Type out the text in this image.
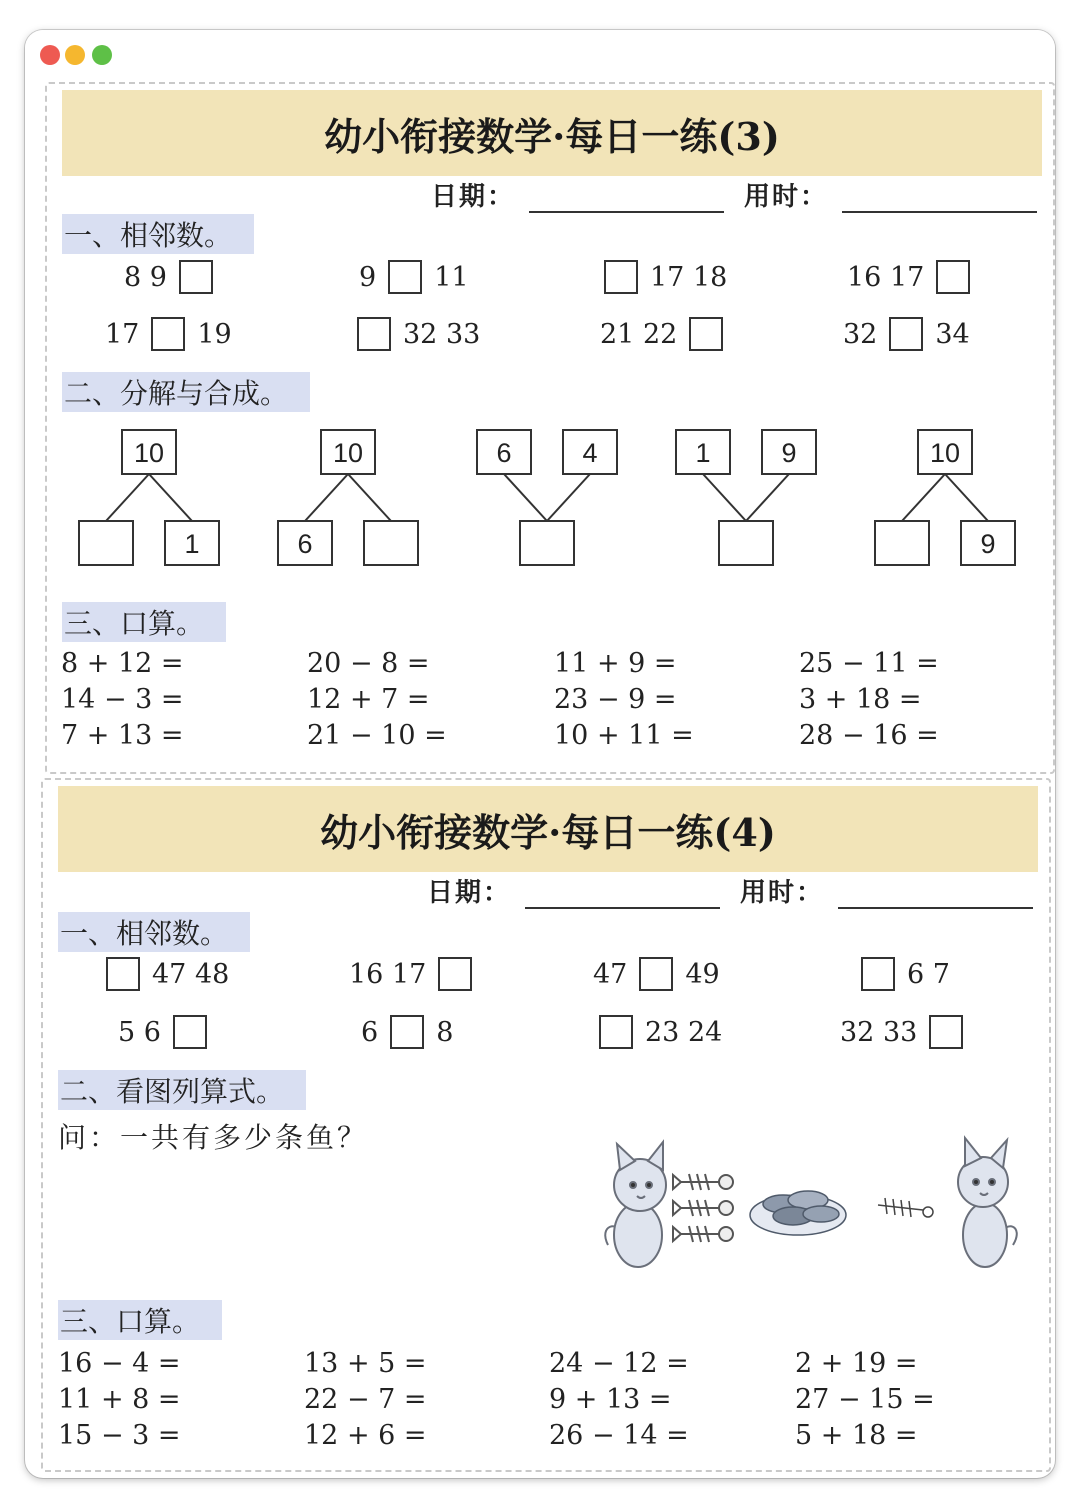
幼小衔接数学·每日一练(3)
日期：	用时：
一、相邻数。
8 9	9 11	17 18	16 17
17 19	32 33	21 22	32 34
二、分解与合成。
10
1
10
6
6	4	1	9	10
9
三、口算。
8 + 12 =	20 − 8 =	11 + 9 =	25 − 11 =
14 − 3 =	12 + 7 =	23 − 9 =	3 + 18 =
7 + 13 =	21 − 10 =	10 + 11 =	28 − 16 =
幼小衔接数学·每日一练(4)
日期：	用时：
一、相邻数。
47 48	16 17	47 49	6 7
5 6	6 8	23 24	32 33
二、看图列算式。
问：一共有多少条鱼？
三、口算。
16 − 4 =	13 + 5 =	24 − 12 =	2 + 19 =
11 + 8 =	22 − 7 =	9 + 13 =	27 − 15 =
15 − 3 =	12 + 6 =	26 − 14 =	5 + 18 =
